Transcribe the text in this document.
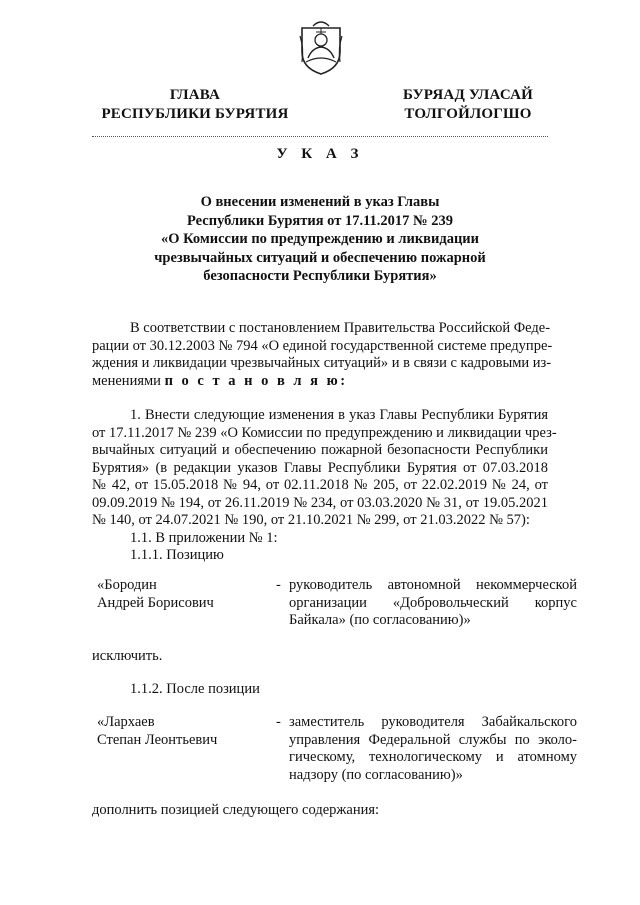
ГЛАВА
РЕСПУБЛИКИ БУРЯТИЯ
БУРЯАД УЛАСАЙ
ТОЛГОЙЛОГШО
У К А З
О внесении изменений в указ Главы
Республики Бурятия от 17.11.2017 № 239
«О Комиссии по предупреждению и ликвидации
чрезвычайных ситуаций и обеспечению пожарной
безопасности Республики Бурятия»
В соответствии с постановлением Правительства Российской Феде-
рации от 30.12.2003 № 794 «О единой государственной системе предупре-
ждения и ликвидации чрезвычайных ситуаций» и в связи с кадровыми из-
менениями п о с т а н о в л я ю:
1. Внести следующие изменения в указ Главы Республики Бурятия
от 17.11.2017 № 239 «О Комиссии по предупреждению и ликвидации чрез-
вычайных ситуаций и обеспечению пожарной безопасности Республики
Бурятия» (в редакции указов Главы Республики Бурятия от 07.03.2018
№ 42, от 15.05.2018 № 94, от 02.11.2018 № 205, от 22.02.2019 № 24, от
09.09.2019 № 194, от 26.11.2019 № 234, от 03.03.2020 № 31, от 19.05.2021
№ 140, от 24.07.2021 № 190, от 21.10.2021 № 299, от 21.03.2022 № 57):
1.1. В приложении № 1:
1.1.1. Позицию
«Бородин
Андрей Борисович
- руководитель автономной некоммерческой
организации «Добровольческий корпус
Байкала» (по согласованию)»
исключить.
1.1.2. После позиции
«Лархаев
Степан Леонтьевич
- заместитель руководителя Забайкальского
управления Федеральной службы по эколо-
гическому, технологическому и атомному
надзору (по согласованию)»
дополнить позицией следующего содержания:
